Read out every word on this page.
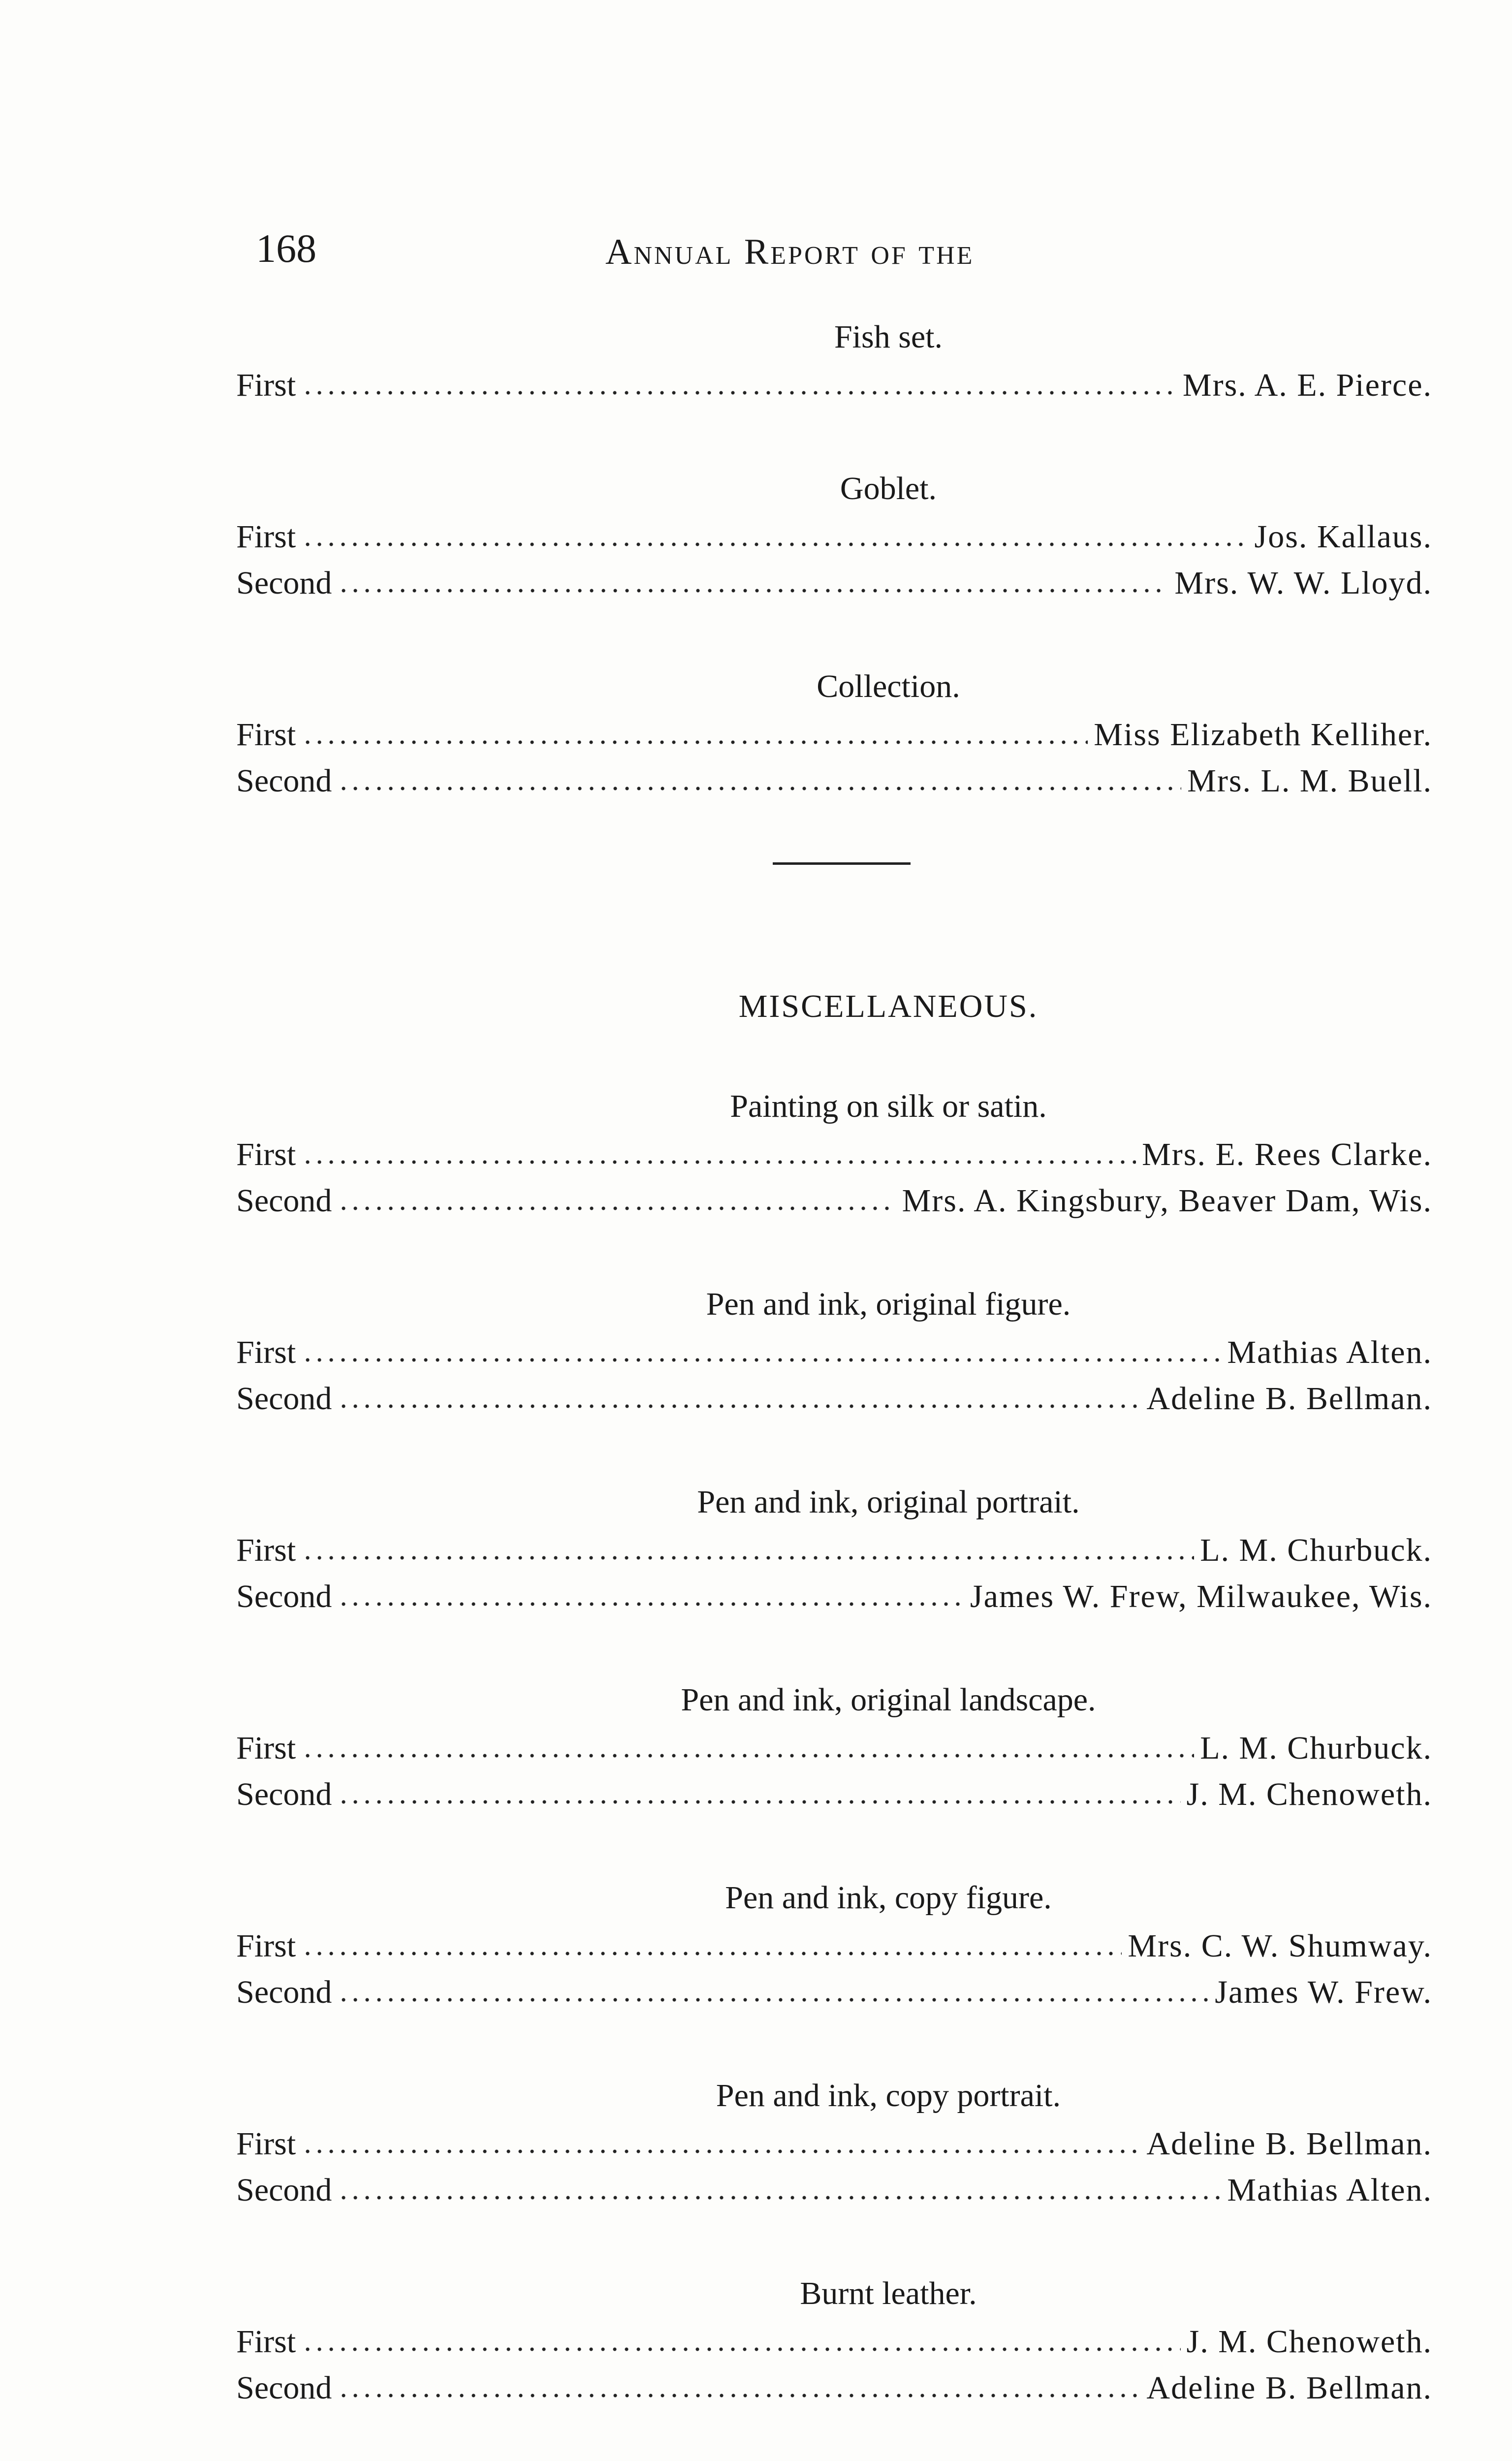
168	Annual Report of the
Fish set.
First	Mrs. A. E. Pierce.
Goblet.
First	Jos. Kallaus.
Second	Mrs. W. W. Lloyd.
Collection.
First	Miss Elizabeth Kelliher.
Second	Mrs. L. M. Buell.
MISCELLANEOUS.
Painting on silk or satin.
First	Mrs. E. Rees Clarke.
Second	Mrs. A. Kingsbury, Beaver Dam, Wis.
Pen and ink, original figure.
First	Mathias Alten.
Second	Adeline B. Bellman.
Pen and ink, original portrait.
First	L. M. Churbuck.
Second	James W. Frew, Milwaukee, Wis.
Pen and ink, original landscape.
First	L. M. Churbuck.
Second	J. M. Chenoweth.
Pen and ink, copy figure.
First	Mrs. C. W. Shumway.
Second	James W. Frew.
Pen and ink, copy portrait.
First	Adeline B. Bellman.
Second	Mathias Alten.
Burnt leather.
First	J. M. Chenoweth.
Second	Adeline B. Bellman.
